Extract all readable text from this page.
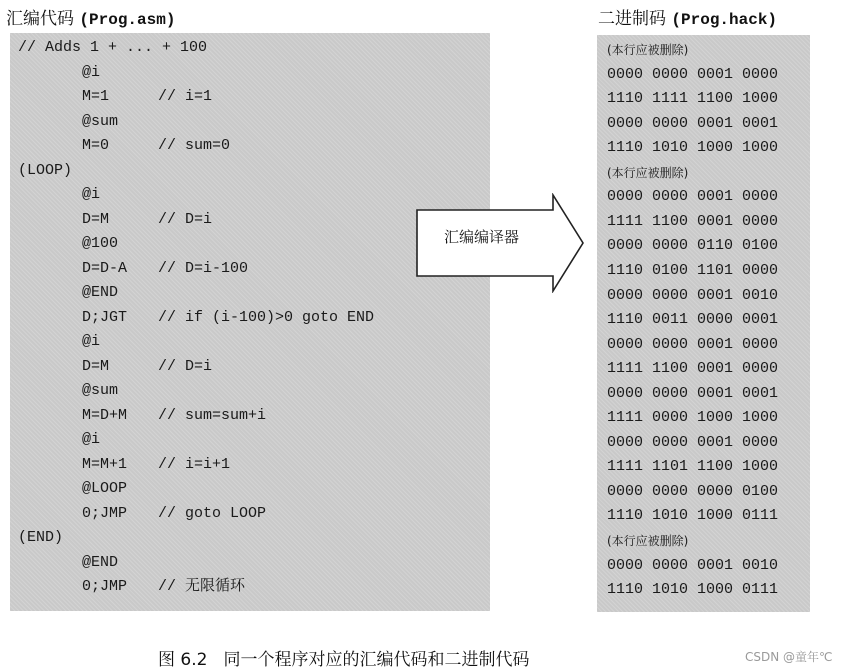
汇编代码 (Prog.asm)	二进制码 (Prog.hack)
// Adds 1 + ... + 100
@i
M=1	// i=1
@sum
M=0	// sum=0
(LOOP)
@i
D=M	// D=i
@100
D=D-A // D=i-100
@END
D;JGT // if (i-100)>0 goto END
@i
D=M	// D=i
@sum
M=D+M // sum=sum+i
@i
M=M+1 // i=i+1
@LOOP
0;JMP // goto LOOP
(END)
@END
0;JMP // 无限循环
(本行应被删除)
0000 0000 0001 0000
1110 1111 1100 1000
0000 0000 0001 0001
1110 1010 1000 1000
(本行应被删除)
0000 0000 0001 0000
1111 1100 0001 0000
0000 0000 0110 0100
1110 0100 1101 0000
0000 0000 0001 0010
1110 0011 0000 0001
0000 0000 0001 0000
1111 1100 0001 0000
0000 0000 0001 0001
1111 0000 1000 1000
0000 0000 0001 0000
1111 1101 1100 1000
0000 0000 0000 0100
1110 1010 1000 0111
(本行应被删除)
0000 0000 0001 0010
1110 1010 1000 0111
汇编编译器
图 6.2 同一个程序对应的汇编代码和二进制代码	CSDN @童年℃
